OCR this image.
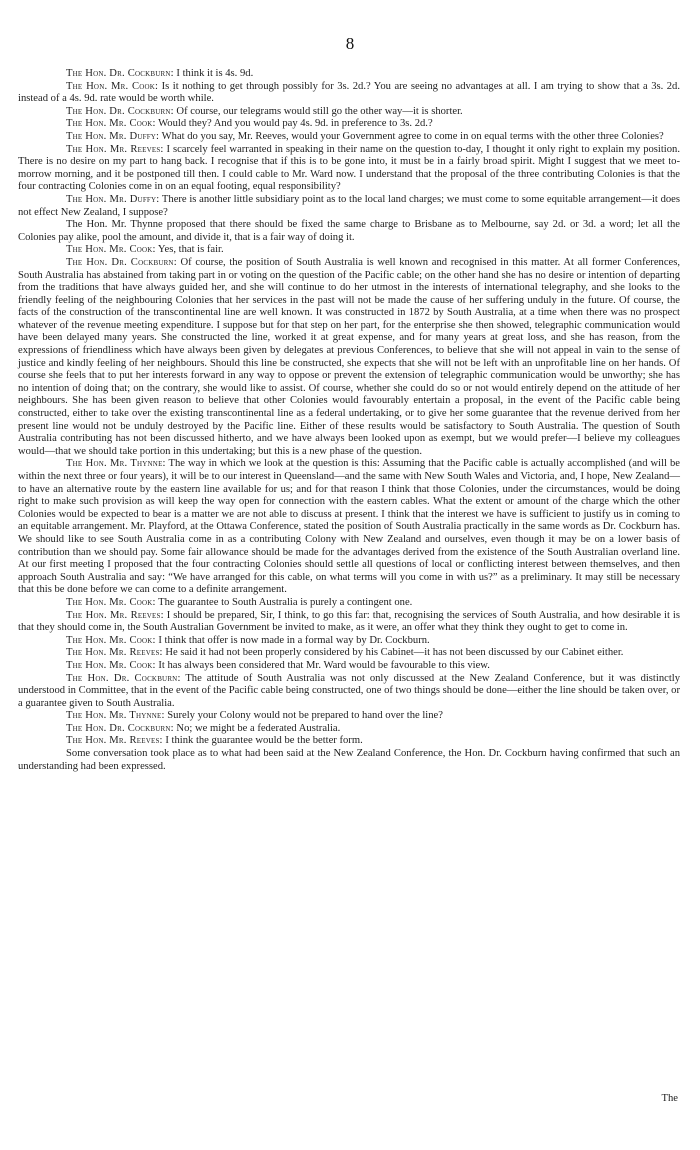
8

The Hon. Dr. Cockburn: I think it is 4s. 9d.

The Hon. Mr. Cook: Is it nothing to get through possibly for 3s. 2d.? You are seeing no advantages at all. I am trying to show that a 3s. 2d. instead of a 4s. 9d. rate would be worth while.

The Hon. Dr. Cockburn: Of course, our telegrams would still go the other way—it is shorter.

The Hon. Mr. Cook: Would they? And you would pay 4s. 9d. in preference to 3s. 2d.?

The Hon. Mr. Duffy: What do you say, Mr. Reeves, would your Government agree to come in on equal terms with the other three Colonies?

The Hon. Mr. Reeves: I scarcely feel warranted in speaking in their name on the question to-day, I thought it only right to explain my position. There is no desire on my part to hang back. I recognise that if this is to be gone into, it must be in a fairly broad spirit. Might I suggest that we meet to-morrow morning, and it be postponed till then. I could cable to Mr. Ward now. I understand that the proposal of the three contributing Colonies is that the four contracting Colonies come in on an equal footing, equal responsibility?

The Hon. Mr. Duffy: There is another little subsidiary point as to the local land charges; we must come to some equitable arrangement—it does not effect New Zealand, I suppose?

The Hon. Mr. Thynne proposed that there should be fixed the same charge to Brisbane as to Melbourne, say 2d. or 3d. a word; let all the Colonies pay alike, pool the amount, and divide it, that is a fair way of doing it.

The Hon. Mr. Cook: Yes, that is fair.

The Hon. Dr. Cockburn: Of course, the position of South Australia is well known and recognised in this matter. At all former Conferences, South Australia has abstained from taking part in or voting on the question of the Pacific cable; on the other hand she has no desire or intention of departing from the traditions that have always guided her, and she will continue to do her utmost in the interests of international telegraphy, and she looks to the friendly feeling of the neighbouring Colonies that her services in the past will not be made the cause of her suffering unduly in the future. Of course, the facts of the construction of the transcontinental line are well known. It was constructed in 1872 by South Australia, at a time when there was no prospect whatever of the revenue meeting expenditure. I suppose but for that step on her part, for the enterprise she then showed, telegraphic communication would have been delayed many years. She constructed the line, worked it at great expense, and for many years at great loss, and she has reason, from the expressions of friendliness which have always been given by delegates at previous Conferences, to believe that she will not appeal in vain to the sense of justice and kindly feeling of her neighbours. Should this line be constructed, she expects that she will not be left with an unprofitable line on her hands. Of course she feels that to put her interests forward in any way to oppose or prevent the extension of telegraphic communication would be unworthy; she has no intention of doing that; on the contrary, she would like to assist. Of course, whether she could do so or not would entirely depend on the attitude of her neighbours. She has been given reason to believe that other Colonies would favourably entertain a proposal, in the event of the Pacific cable being constructed, either to take over the existing transcontinental line as a federal undertaking, or to give her some guarantee that the revenue derived from her present line would not be unduly destroyed by the Pacific line. Either of these results would be satisfactory to South Australia. The question of South Australia contributing has not been discussed hitherto, and we have always been looked upon as exempt, but we would prefer—I believe my colleagues would—that we should take portion in this undertaking; but this is a new phase of the question.

The Hon. Mr. Thynne: The way in which we look at the question is this: Assuming that the Pacific cable is actually accomplished (and will be within the next three or four years), it will be to our interest in Queensland—and the same with New South Wales and Victoria, and, I hope, New Zealand—to have an alternative route by the eastern line available for us; and for that reason I think that those Colonies, under the circumstances, would be doing right to make such provision as will keep the way open for connection with the eastern cables. What the extent or amount of the charge which the other Colonies would be expected to bear is a matter we are not able to discuss at present. I think that the interest we have is sufficient to justify us in coming to an equitable arrangement. Mr. Playford, at the Ottawa Conference, stated the position of South Australia practically in the same words as Dr. Cockburn has. We should like to see South Australia come in as a contributing Colony with New Zealand and ourselves, even though it may be on a lower basis of contribution than we should pay. Some fair allowance should be made for the advantages derived from the existence of the South Australian overland line. At our first meeting I proposed that the four contracting Colonies should settle all questions of local or conflicting interest between themselves, and then approach South Australia and say: “We have arranged for this cable, on what terms will you come in with us?” as a preliminary. It may still be necessary that this be done before we can come to a definite arrangement.

The Hon. Mr. Cook: The guarantee to South Australia is purely a contingent one.

The Hon. Mr. Reeves: I should be prepared, Sir, I think, to go this far: that, recognising the services of South Australia, and how desirable it is that they should come in, the South Australian Government be invited to make, as it were, an offer what they think they ought to get to come in.

The Hon. Mr. Cook: I think that offer is now made in a formal way by Dr. Cockburn.

The Hon. Mr. Reeves: He said it had not been properly considered by his Cabinet—it has not been discussed by our Cabinet either.

The Hon. Mr. Cook: It has always been considered that Mr. Ward would be favourable to this view.

The Hon. Dr. Cockburn: The attitude of South Australia was not only discussed at the New Zealand Conference, but it was distinctly understood in Committee, that in the event of the Pacific cable being constructed, one of two things should be done—either the line should be taken over, or a guarantee given to South Australia.

The Hon. Mr. Thynne: Surely your Colony would not be prepared to hand over the line?

The Hon. Dr. Cockburn: No; we might be a federated Australia.

The Hon. Mr. Reeves: I think the guarantee would be the better form.

Some conversation took place as to what had been said at the New Zealand Conference, the Hon. Dr. Cockburn having confirmed that such an understanding had been expressed.

The
